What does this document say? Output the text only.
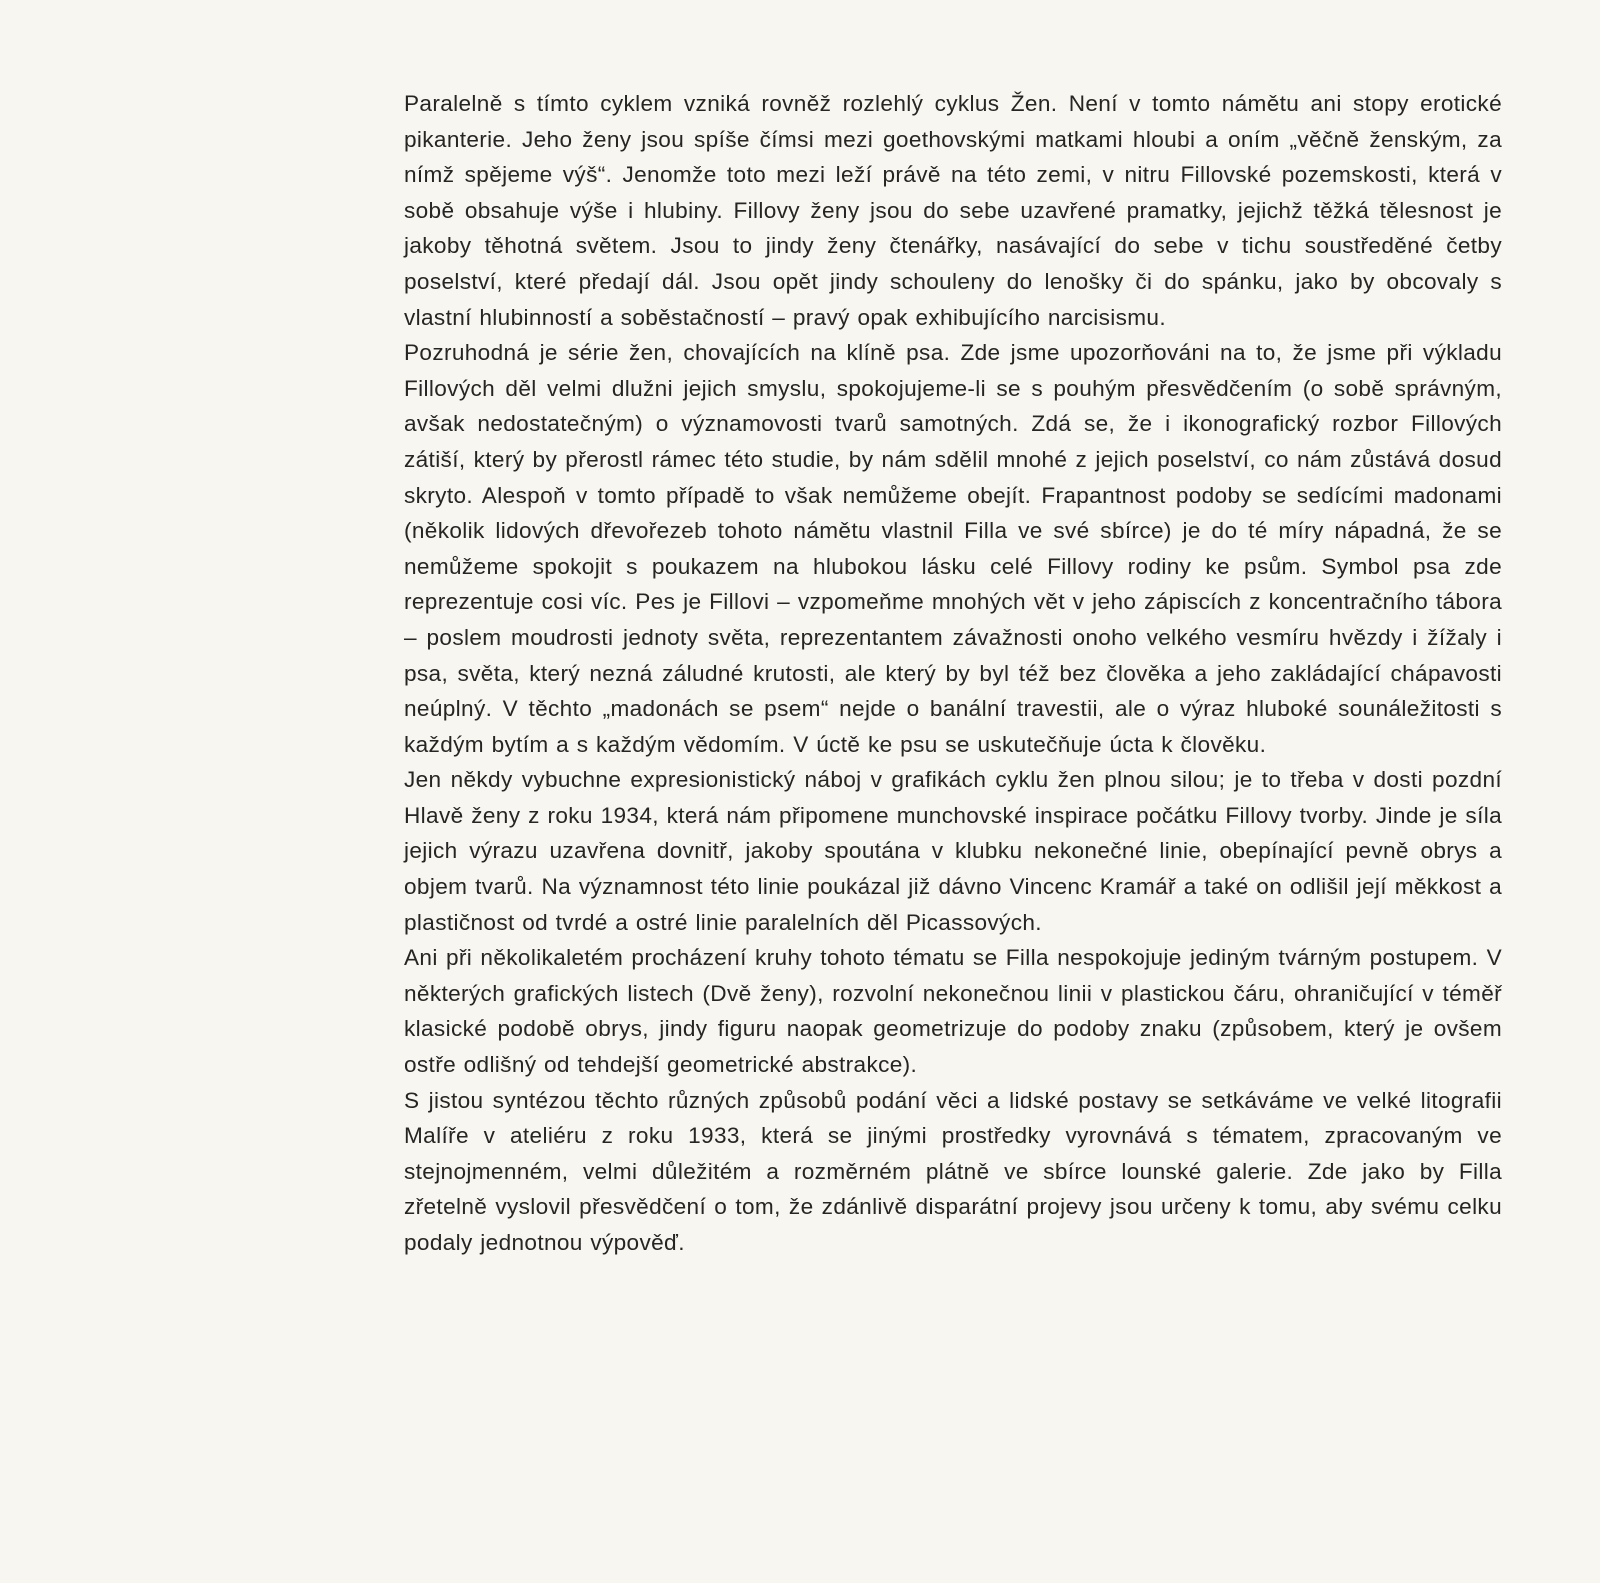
Paralelně s tímto cyklem vzniká rovněž rozlehlý cyklus Žen. Není v tomto námětu ani stopy erotické pikanterie. Jeho ženy jsou spíše čímsi mezi goethovskými matkami hloubi a oním „věčně ženským, za nímž spějeme výš“. Jenomže toto mezi leží právě na této zemi, v nitru Fillovské pozemskosti, která v sobě obsahuje výše i hlubiny. Fillovy ženy jsou do sebe uzavřené pramatky, jejichž těžká tělesnost je jakoby těhotná světem. Jsou to jindy ženy čtenářky, nasávající do sebe v tichu soustředěné četby poselství, které předají dál. Jsou opět jindy schouleny do lenošky či do spánku, jako by obcovaly s vlastní hlubinností a soběstačností – pravý opak exhibujícího narcisismu.

Pozruhodná je série žen, chovajících na klíně psa. Zde jsme upozorňováni na to, že jsme při výkladu Fillových děl velmi dlužni jejich smyslu, spokojujeme-li se s pouhým přesvědčením (o sobě správným, avšak nedostatečným) o významovosti tvarů samotných. Zdá se, že i ikonografický rozbor Fillových zátiší, který by přerostl rámec této studie, by nám sdělil mnohé z jejich poselství, co nám zůstává dosud skryto. Alespoň v tomto případě to však nemůžeme obejít. Frapantnost podoby se sedícími madonami (několik lidových dřevořezeb tohoto námětu vlastnil Filla ve své sbírce) je do té míry nápadná, že se nemůžeme spokojit s poukazem na hlubokou lásku celé Fillovy rodiny ke psům. Symbol psa zde reprezentuje cosi víc. Pes je Fillovi – vzpomeňme mnohých vět v jeho zápiscích z koncentračního tábora – poslem moudrosti jednoty světa, reprezentantem závažnosti onoho velkého vesmíru hvězdy i žížaly i psa, světa, který nezná záludné krutosti, ale který by byl též bez člověka a jeho zakládající chápavosti neúplný. V těchto „madonách se psem“ nejde o banální travestii, ale o výraz hluboké sounáležitosti s každým bytím a s každým vědomím. V úctě ke psu se uskutečňuje úcta k člověku.

Jen někdy vybuchne expresionistický náboj v grafikách cyklu žen plnou silou; je to třeba v dosti pozdní Hlavě ženy z roku 1934, která nám připomene munchovské inspirace počátku Fillovy tvorby. Jinde je síla jejich výrazu uzavřena dovnitř, jakoby spoutána v klubku nekonečné linie, obepínající pevně obrys a objem tvarů. Na významnost této linie poukázal již dávno Vincenc Kramář a také on odlišil její měkkost a plastičnost od tvrdé a ostré linie paralelních děl Picassových.

Ani při několikaletém procházení kruhy tohoto tématu se Filla nespokojuje jediným tvárným postupem. V některých grafických listech (Dvě ženy), rozvolní nekonečnou linii v plastickou čáru, ohraničující v téměř klasické podobě obrys, jindy figuru naopak geometrizuje do podoby znaku (způsobem, který je ovšem ostře odlišný od tehdejší geometrické abstrakce).

S jistou syntézou těchto různých způsobů podání věci a lidské postavy se setkáváme ve velké litografii Malíře v ateliéru z roku 1933, která se jinými prostředky vyrovnává s tématem, zpracovaným ve stejnojmenném, velmi důležitém a rozměrném plátně ve sbírce lounské galerie. Zde jako by Filla zřetelně vyslovil přesvědčení o tom, že zdánlivě disparátní projevy jsou určeny k tomu, aby svému celku podaly jednotnou výpověď.
